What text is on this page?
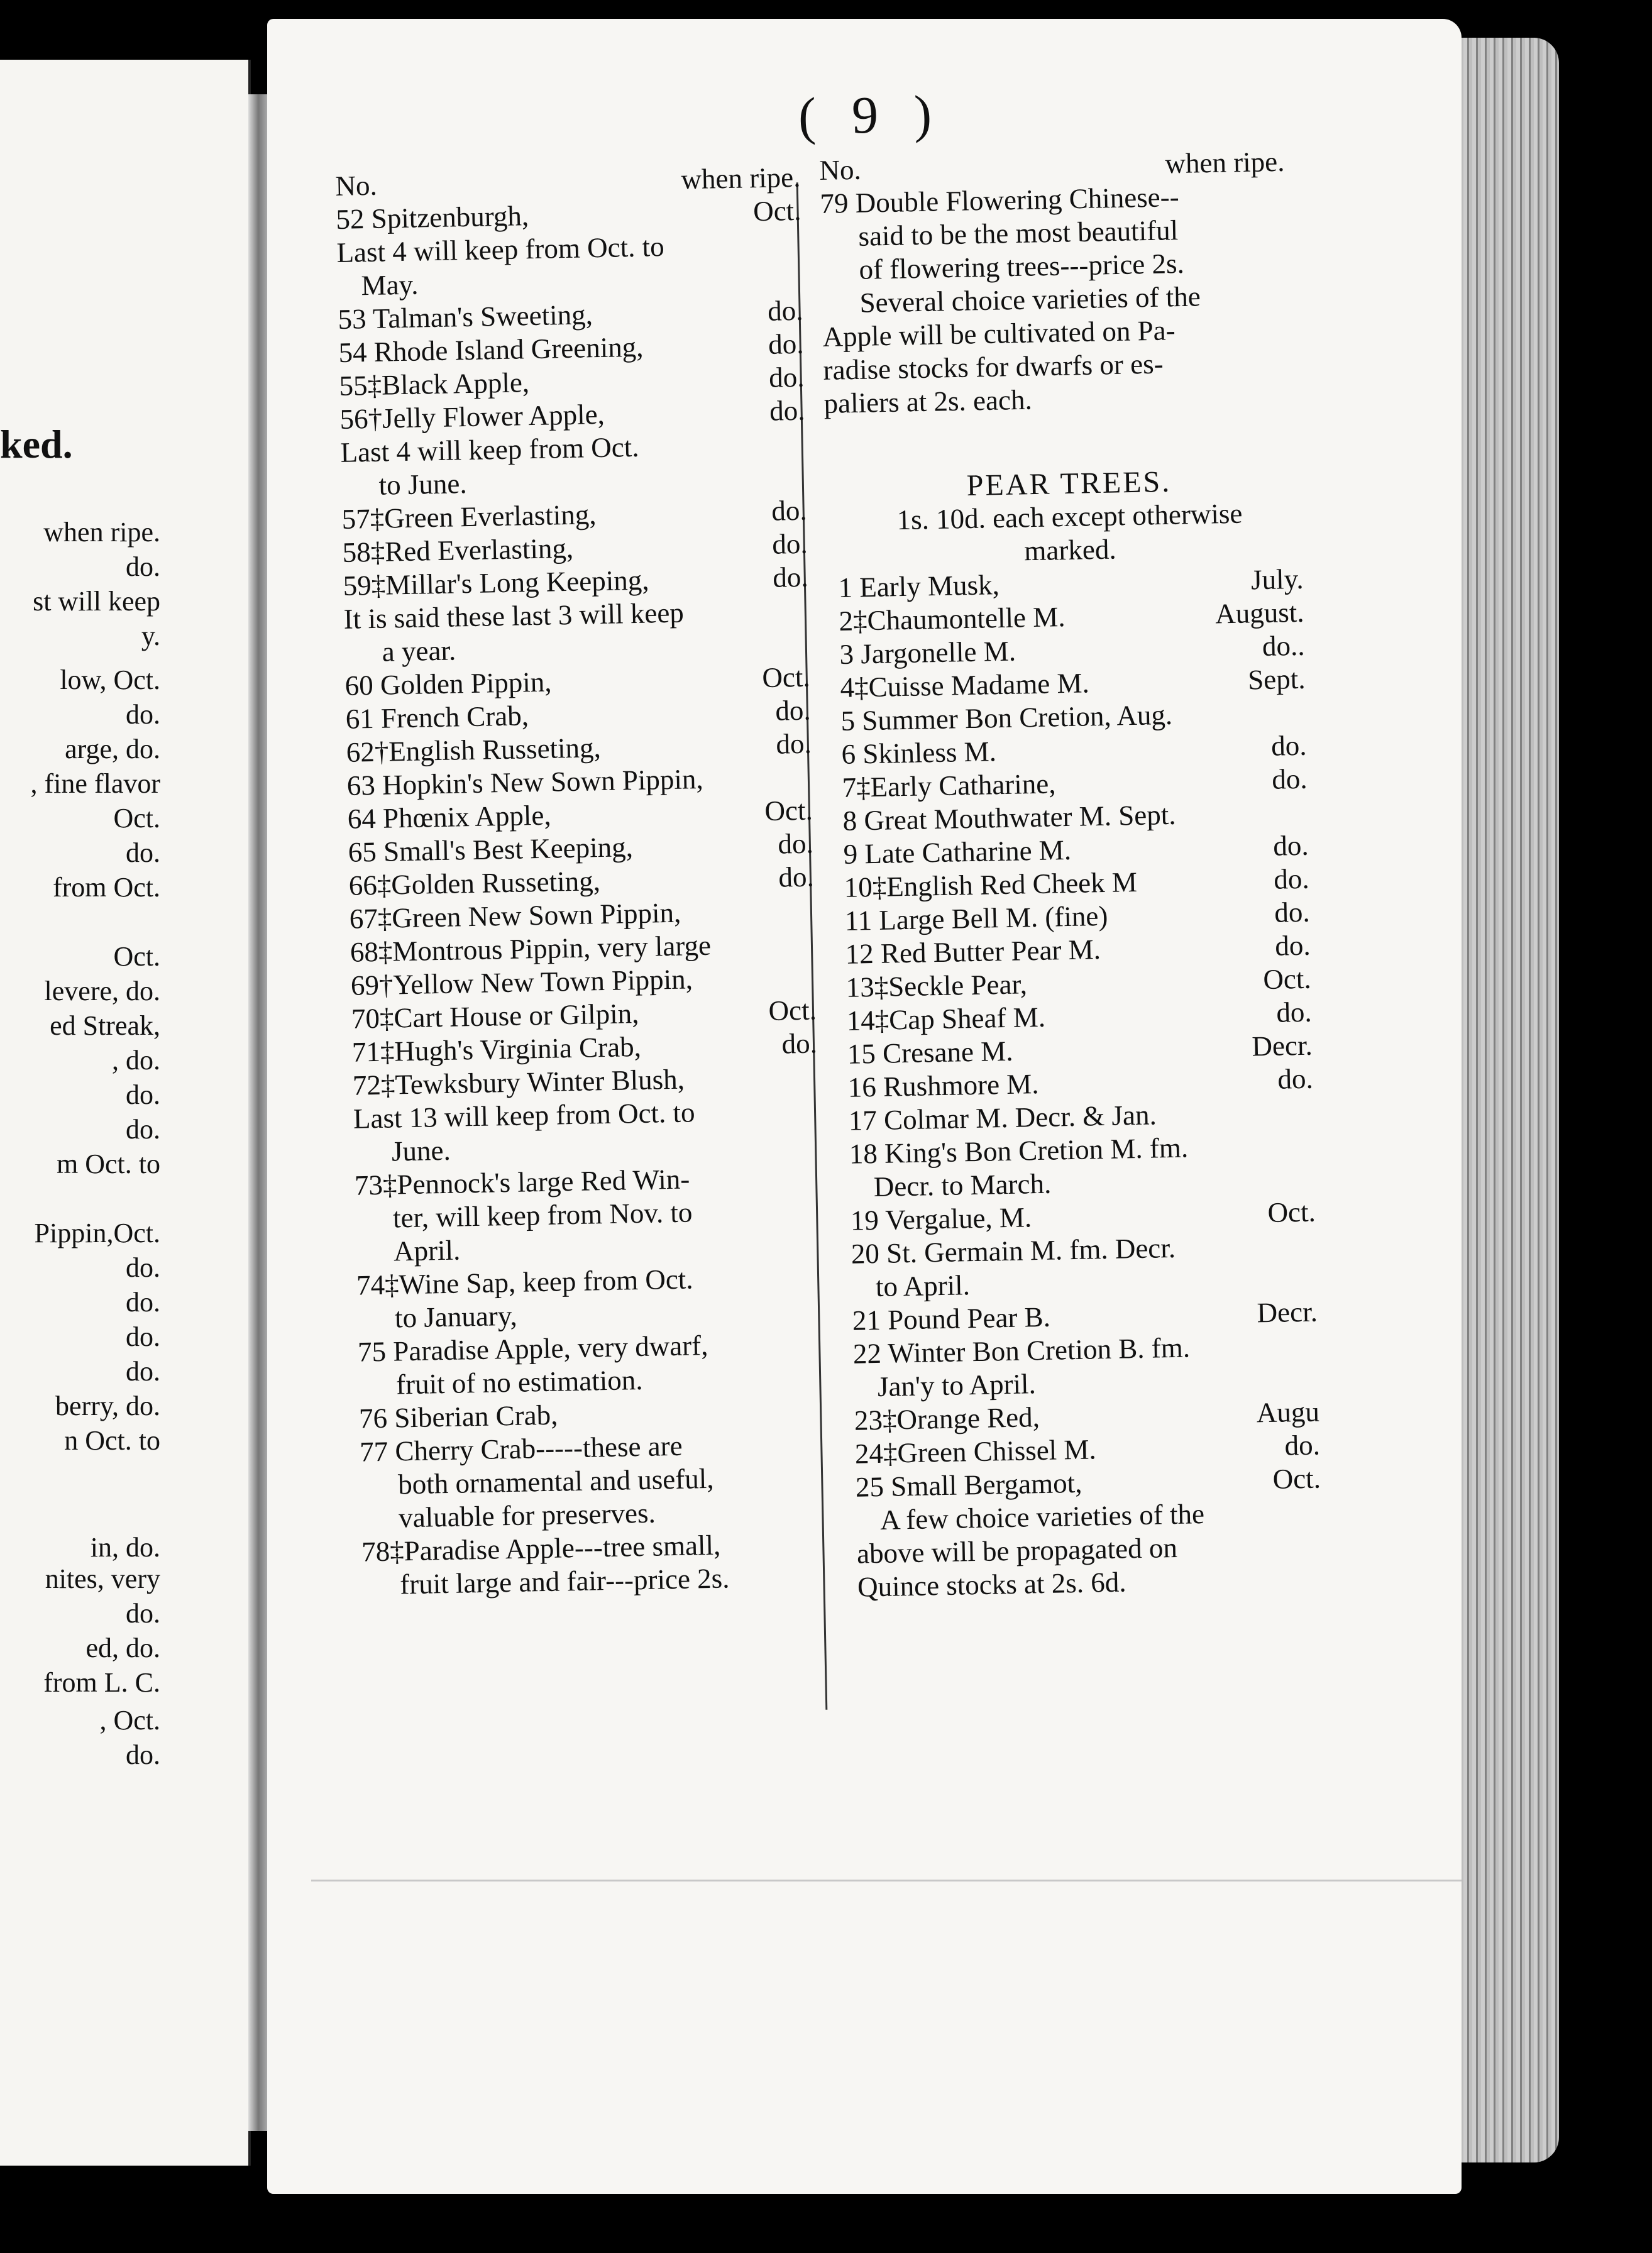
ked.
when ripe.
do.
st will keep
y.
low, Oct.
do.
arge, do.
, fine flavor
Oct.
do.
from Oct.
Oct.
levere, do.
ed Streak,
, do.
do.
do.
m Oct. to
Pippin,Oct.
do.
do.
do.
do.
berry, do.
n Oct. to
in, do.
nites, very
do.
ed, do.
from L. C.
, Oct.
do.
( 9 )
No.	when ripe.
52 Spitzenburgh,	Oct.
Last 4 will keep from Oct. to
May.
53 Talman's Sweeting,	do.
54 Rhode Island Greening,	do.
55‡Black Apple,	do.
56†Jelly Flower Apple,	do.
Last 4 will keep from Oct.
to June.
57‡Green Everlasting,	do.
58‡Red Everlasting,	do.
59‡Millar's Long Keeping,	do.
It is said these last 3 will keep
a year.
60 Golden Pippin,	Oct.
61 French Crab,	do.
62†English Russeting,	do.
63 Hopkin's New Sown Pippin,
64 Phœnix Apple,	Oct.
65 Small's Best Keeping,	do.
66‡Golden Russeting,	do.
67‡Green New Sown Pippin,
68‡Montrous Pippin, very large
69†Yellow New Town Pippin,
70‡Cart House or Gilpin,	Oct.
71‡Hugh's Virginia Crab,	do.
72‡Tewksbury Winter Blush,
Last 13 will keep from Oct. to
June.
73‡Pennock's large Red Win-
ter, will keep from Nov. to
April.
74‡Wine Sap, keep from Oct.
to January,
75 Paradise Apple, very dwarf,
fruit of no estimation.
76 Siberian Crab,
77 Cherry Crab-----these are
both ornamental and useful,
valuable for preserves.
78‡Paradise Apple---tree small,
fruit large and fair---price 2s.
No.	when ripe.
79 Double Flowering Chinese--
said to be the most beautiful
of flowering trees---price 2s.
Several choice varieties of the
Apple will be cultivated on Pa-
radise stocks for dwarfs or es-
paliers at 2s. each.
PEAR TREES.
1s. 10d. each except otherwise
marked.
1 Early Musk,	July.
2‡Chaumontelle M.	August.
3 Jargonelle M.	do..
4‡Cuisse Madame M.	Sept.
5 Summer Bon Cretion, Aug.
6 Skinless M.	do.
7‡Early Catharine,	do.
8 Great Mouthwater M. Sept.
9 Late Catharine M.	do.
10‡English Red Cheek M	do.
11 Large Bell M. (fine)	do.
12 Red Butter Pear M.	do.
13‡Seckle Pear,	Oct.
14‡Cap Sheaf M.	do.
15 Cresane M.	Decr.
16 Rushmore M.	do.
17 Colmar M. Decr. & Jan.
18 King's Bon Cretion M. fm.
Decr. to March.
19 Vergalue, M.	Oct.
20 St. Germain M. fm. Decr.
to April.
21 Pound Pear B.	Decr.
22 Winter Bon Cretion B. fm.
Jan'y to April.
23‡Orange Red,	Augu
24‡Green Chissel M.	do.
25 Small Bergamot,	Oct.
A few choice varieties of the
above will be propagated on
Quince stocks at 2s. 6d.
